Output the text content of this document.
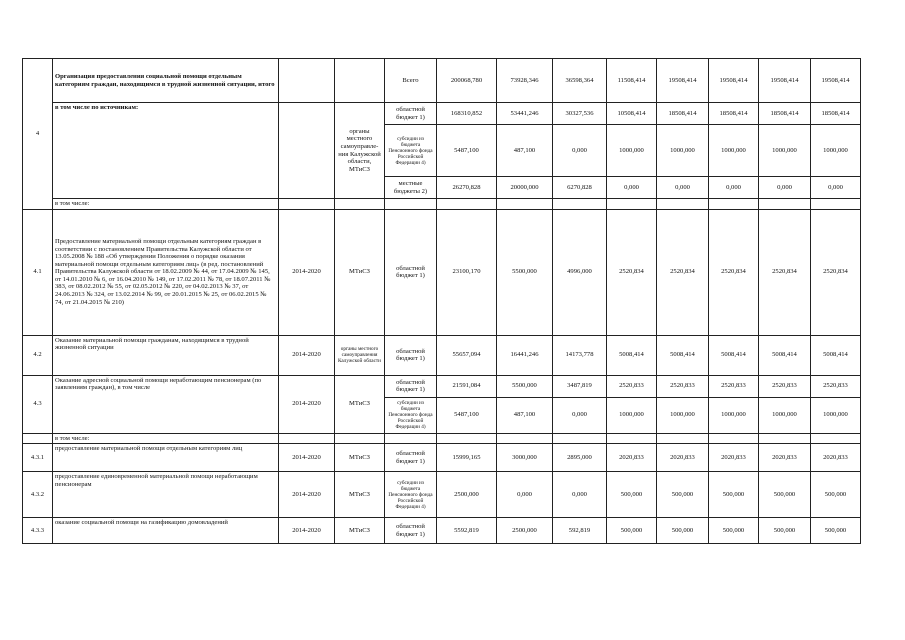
4	Организация предоставления социальной помощи отдельным категориям граждан, находящимся в трудной жизненной ситуации, итого			Всего	200068,780	73928,346	36598,364	11508,414	19508,414	19508,414	19508,414	19508,414
	в том числе по источникам:		органы местного самоуправле-ния Калужской области, МТиСЗ	областной бюджет 1)	168310,852	53441,246	30327,536	10508,414	18508,414	18508,414	18508,414	18508,414
				субсидии из бюджета Пенсионного фонда Российской Федерации 4)	5487,100	487,100	0,000	1000,000	1000,000	1000,000	1000,000	1000,000
				местные бюджеты 2)	26270,828	20000,000	6270,828	0,000	0,000	0,000	0,000	0,000
	в том числе:											
4.1	Предоставление материальной помощи отдельным категориям граждан в соответствии с постановлением Правительства Калужской области от 13.05.2008 № 188 «Об утверждении Положения о порядке оказания материальной помощи отдельным категориям лиц» (в ред. постановлений Правительства Калужской области от 18.02.2009 № 44, от 17.04.2009 № 145, от 14.01.2010 № 6, от 16.04.2010 № 149, от 17.02.2011 № 78, от 18.07.2011 № 383, от 08.02.2012 № 55, от 02.05.2012 № 220, от 04.02.2013 № 37, от 24.06.2013 № 324, от 13.02.2014 № 99, от 20.01.2015 № 25, от 06.02.2015 № 74, от 21.04.2015 № 210)	2014-2020	МТиСЗ	областной бюджет 1)	23100,170	5500,000	4996,000	2520,834	2520,834	2520,834	2520,834	2520,834
4.2	Оказание материальной помощи гражданам, находящимся в трудной жизненной ситуации	2014-2020	органы местного самоуправления Калужской области	областной бюджет 1)	55657,094	16441,246	14173,778	5008,414	5008,414	5008,414	5008,414	5008,414
4.3	Оказание адресной социальной помощи неработающим пенсионерам (по заявлениям граждан), в том числе	2014-2020	МТиСЗ	областной бюджет 1)	21591,084	5500,000	3487,819	2520,833	2520,833	2520,833	2520,833	2520,833
				субсидии из бюджета Пенсионного фонда Российской Федерации 4)	5487,100	487,100	0,000	1000,000	1000,000	1000,000	1000,000	1000,000
	в том числе:											
4.3.1	предоставление материальной помощи отдельным категориям лиц	2014-2020	МТиСЗ	областной бюджет 1)	15999,165	3000,000	2895,000	2020,833	2020,833	2020,833	2020,833	2020,833
4.3.2	предоставление единовременной материальной помощи неработающим пенсионерам	2014-2020	МТиСЗ	субсидии из бюджета Пенсионного фонда Российской Федерации 4)	2500,000	0,000	0,000	500,000	500,000	500,000	500,000	500,000
4.3.3	оказание социальной помощи на газификацию домовладений	2014-2020	МТиСЗ	областной бюджет 1)	5592,819	2500,000	592,819	500,000	500,000	500,000	500,000	500,000
